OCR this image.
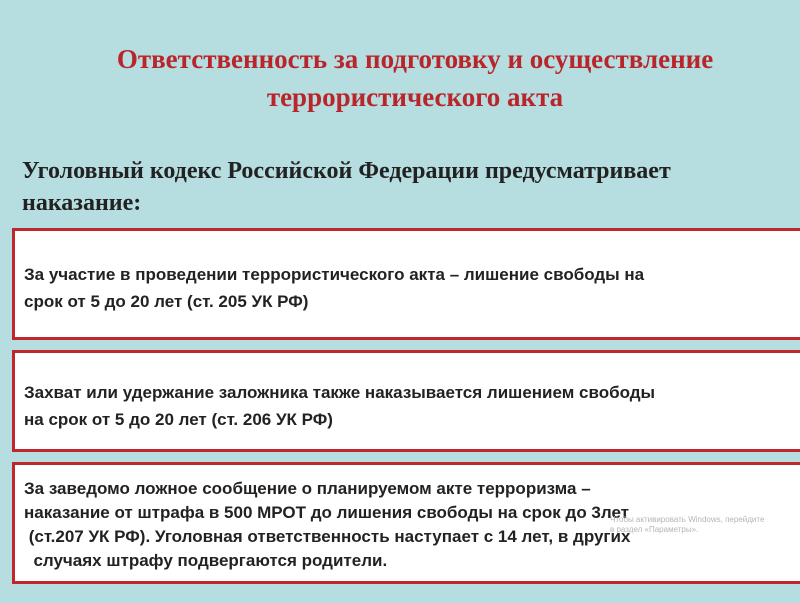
Ответственность за подготовку и осуществление
террористического акта
Уголовный кодекс Российской Федерации предусматривает
наказание:
За участие в проведении террористического акта – лишение свободы на
срок от 5 до 20 лет (ст. 205 УК РФ)
Захват или удержание заложника также наказывается лишением свободы
на срок от 5 до 20 лет (ст. 206 УК РФ)
За заведомо ложное сообщение о планируемом акте терроризма –
наказание от штрафа в 500 МРОТ до лишения свободы на срок до 3лет
(ст.207 УК РФ). Уголовная ответственность наступает с 14 лет, в других
случаях штрафу подвергаются родители.
Чтобы активировать Windows, перейдите
в раздел «Параметры».
